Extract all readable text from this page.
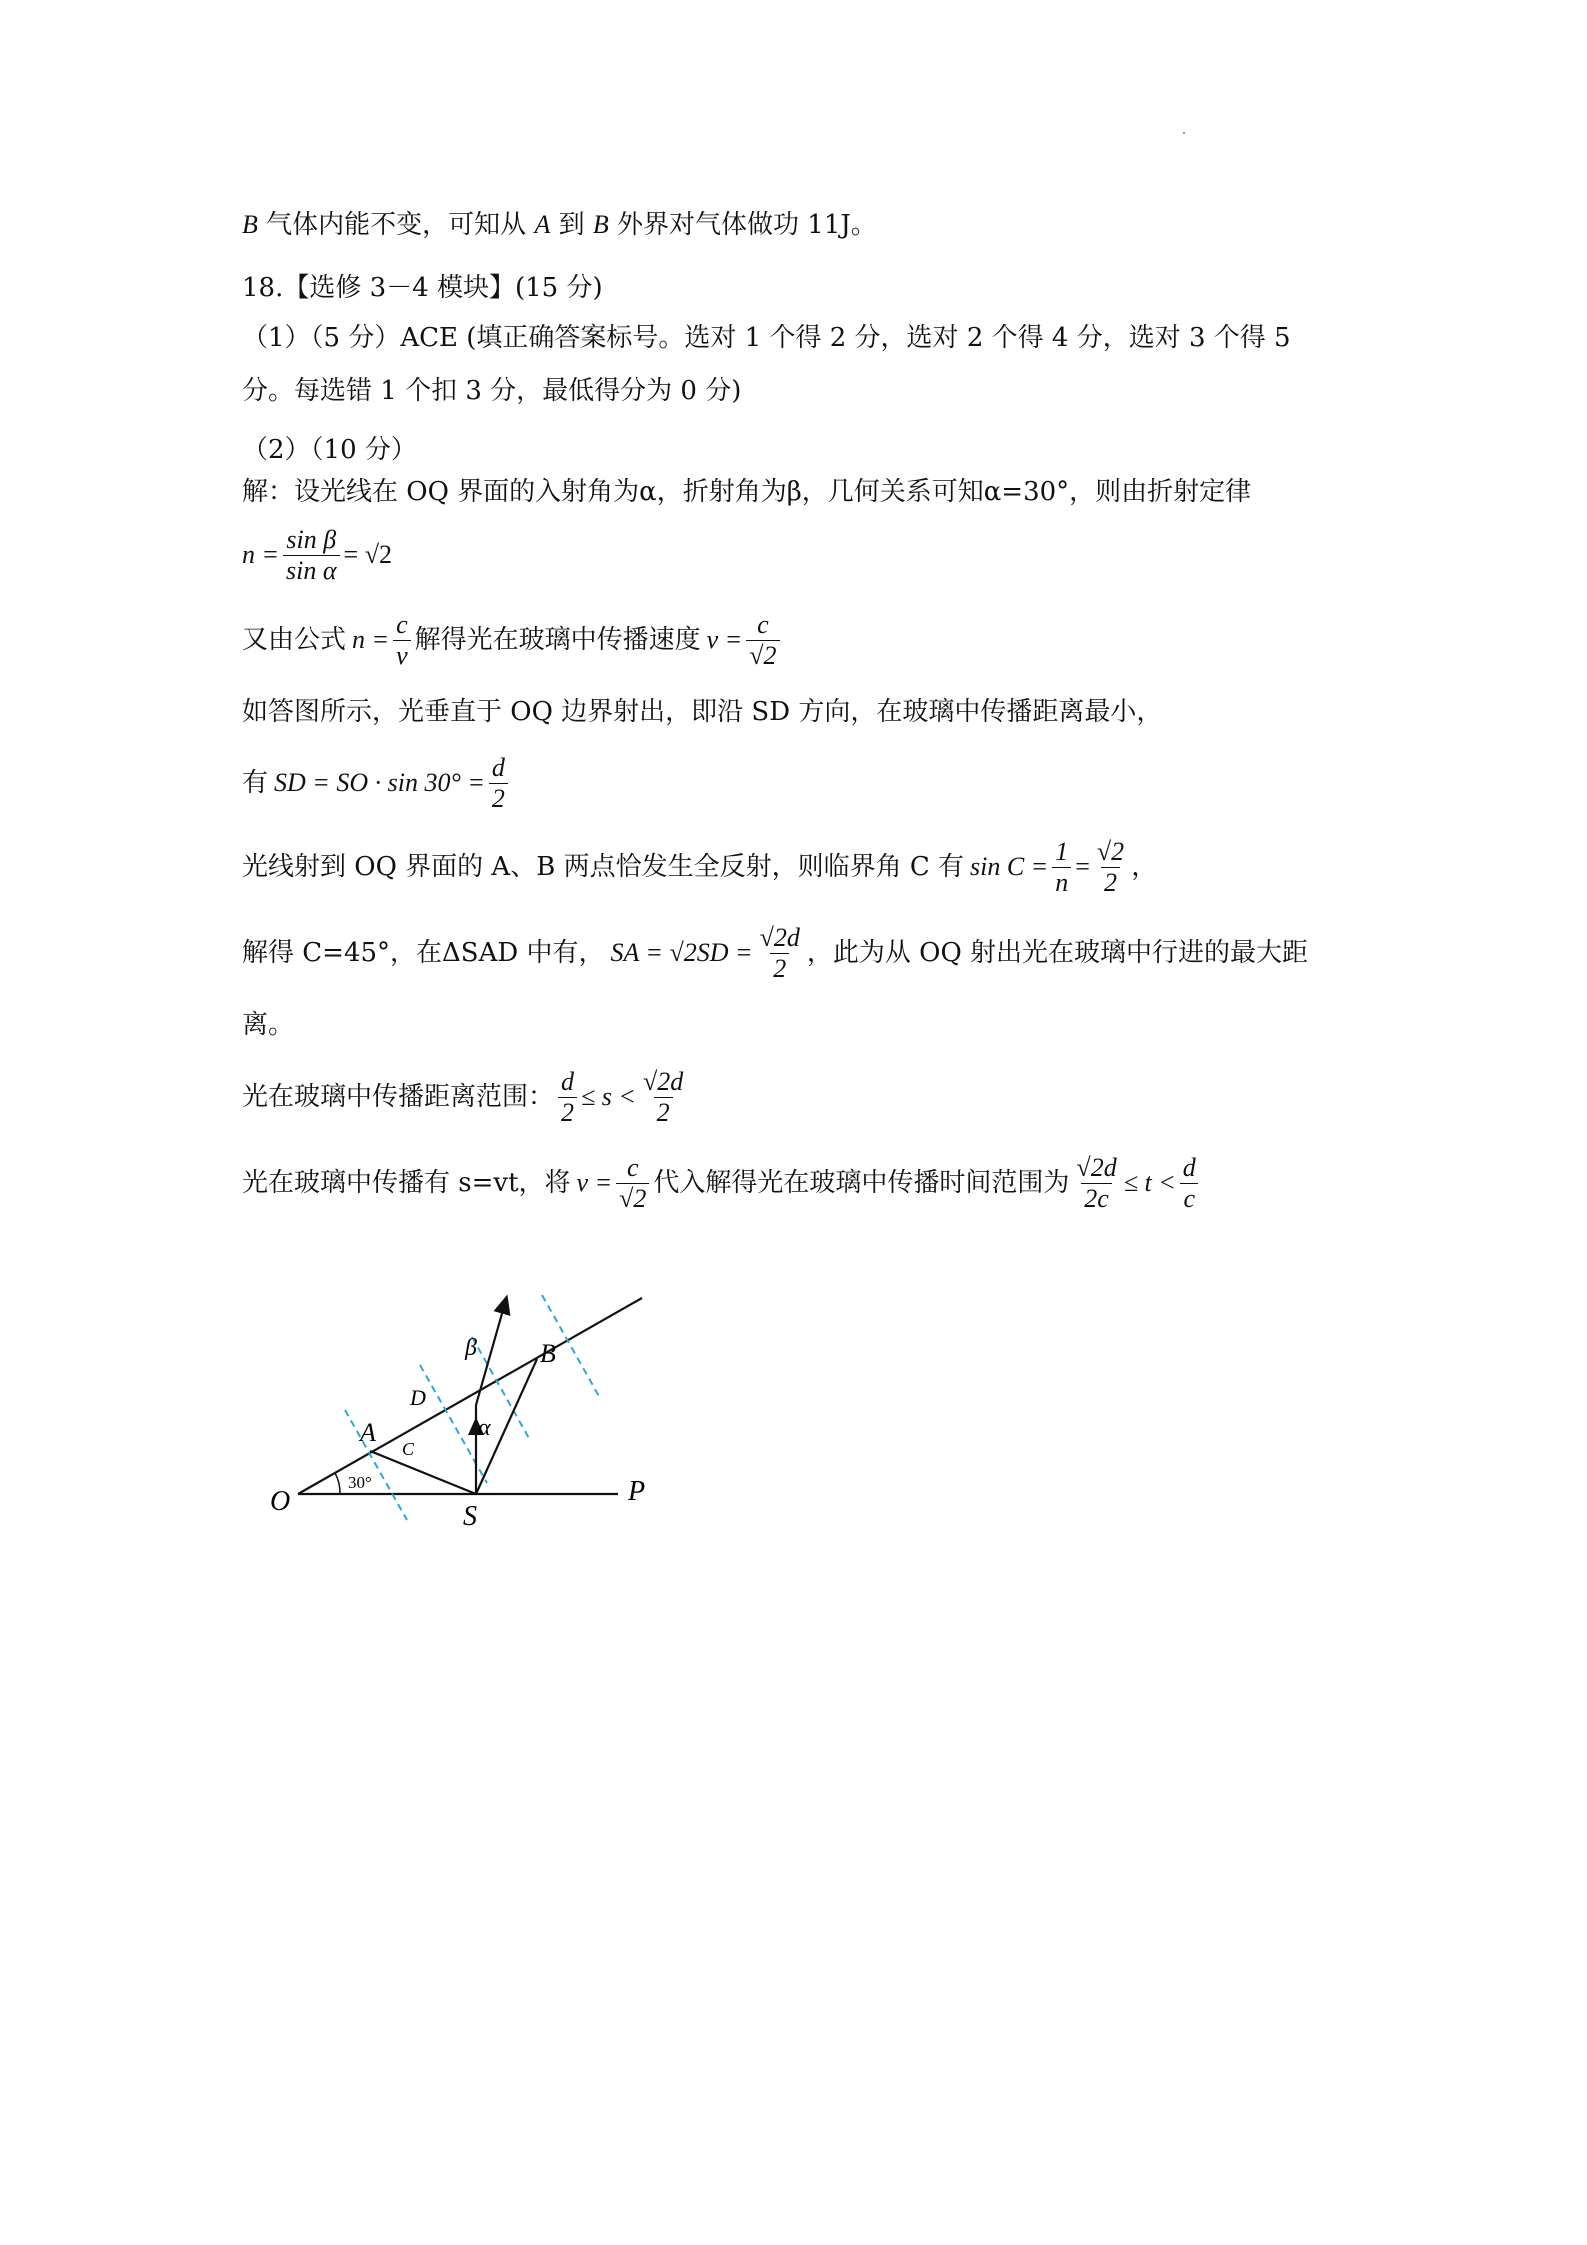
B 气体内能不变，可知从 A 到 B 外界对气体做功 11J。
18.【选修 3－4 模块】(15 分)
（1）（5 分）ACE (填正确答案标号。选对 1 个得 2 分，选对 2 个得 4 分，选对 3 个得 5
分。每选错 1 个扣 3 分，最低得分为 0 分)
（2）（10 分）
解：设光线在 OQ 界面的入射角为α，折射角为β，几何关系可知α=30°，则由折射定律
$n = \frac{\text{sin β}}{\text{sin α}} = √2$
又由公式 $n = \frac{c}{v}$ 解得光在玻璃中传播速度 $v = \frac{c}{√2}$
如答图所示，光垂直于 OQ 边界射出，即沿 SD 方向，在玻璃中传播距离最小，
有 SD = SO · $\sin 30^\circ = \frac{d}{2}$
光线射到 OQ 界面的 A、B 两点恰发生全反射，则临界角 C 有 $\sin C = \frac{1}{n} = \frac{√2}{2}$ ，
解得 C=45°，在ΔSAD 中有， SA = $√2SD = \frac{√2d}{2}$ ，此为从 OQ 射出光在玻璃中行进的最大距
离。
光在玻璃中传播距离范围： $\frac{d}{2} \le s < \frac{√2d}{2}$
光在玻璃中传播有 s=vt，将 $v = \frac{c}{√2}$ 代入解得光在玻璃中传播时间范围为 $\frac{√2d}{2c} \le t < \frac{d}{c}$
O	P
S
A
B
D
C
α
β
30°
